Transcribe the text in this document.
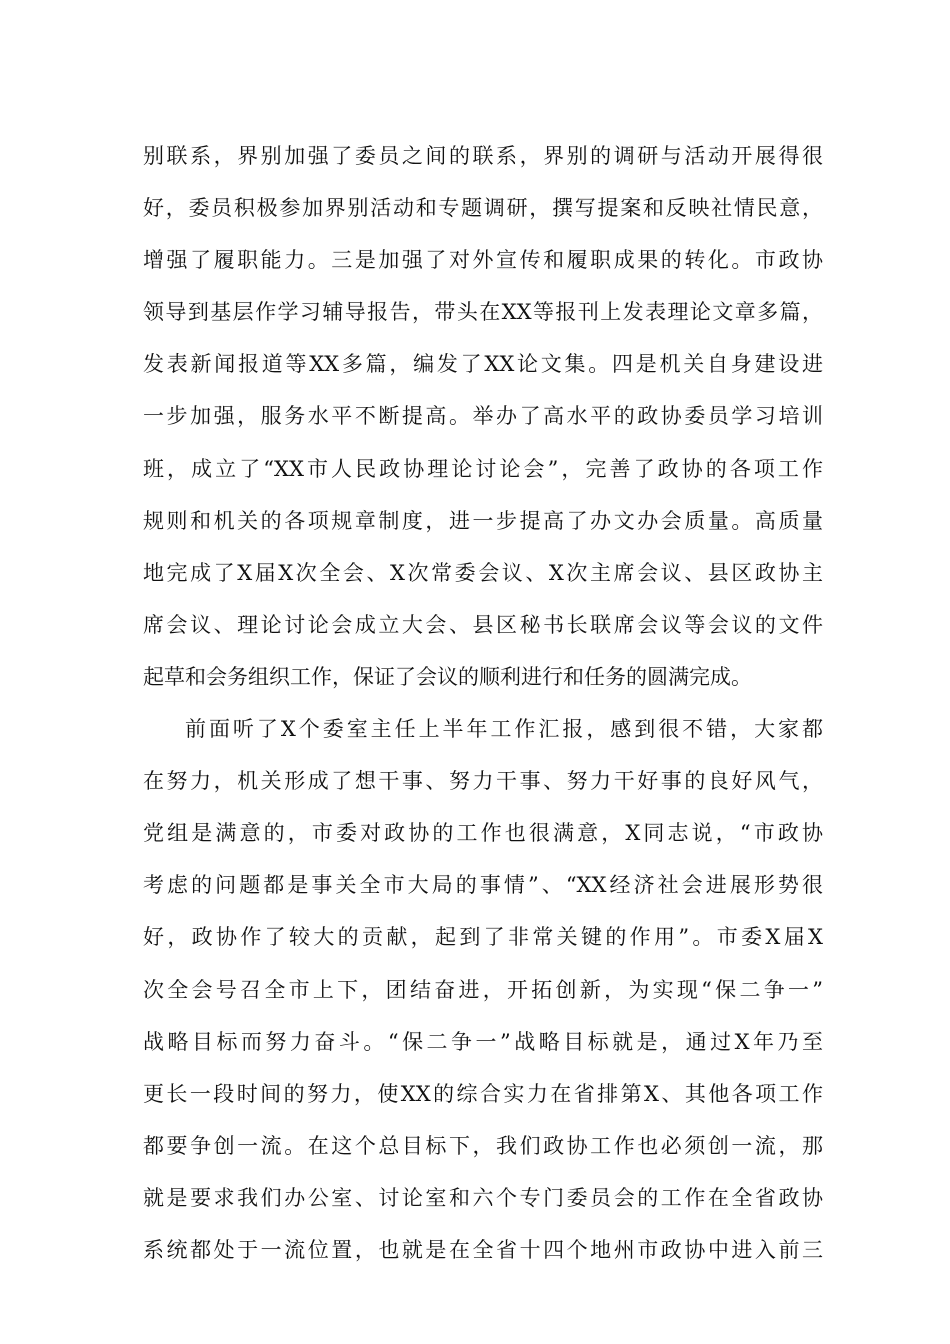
别联系，界别加强了委员之间的联系，界别的调研与活动开展得很
好，委员积极参加界别活动和专题调研，撰写提案和反映社情民意，
增强了履职能力。三是加强了对外宣传和履职成果的转化。市政协
领导到基层作学习辅导报告，带头在XX等报刊上发表理论文章多篇，
发表新闻报道等XX多篇，编发了XX论文集。四是机关自身建设进
一步加强，服务水平不断提高。举办了高水平的政协委员学习培训
班，成立了“XX市人民政协理论讨论会”，完善了政协的各项工作
规则和机关的各项规章制度，进一步提高了办文办会质量。高质量
地完成了X届X次全会、X次常委会议、X次主席会议、县区政协主
席会议、理论讨论会成立大会、县区秘书长联席会议等会议的文件
起草和会务组织工作，保证了会议的顺利进行和任务的圆满完成。
前面听了X个委室主任上半年工作汇报，感到很不错，大家都
在努力，机关形成了想干事、努力干事、努力干好事的良好风气，
党组是满意的，市委对政协的工作也很满意，X同志说，“市政协
考虑的问题都是事关全市大局的事情”、“XX经济社会进展形势很
好，政协作了较大的贡献，起到了非常关键的作用”。市委X届X
次全会号召全市上下，团结奋进，开拓创新，为实现“保二争一”
战略目标而努力奋斗。“保二争一”战略目标就是，通过X年乃至
更长一段时间的努力，使XX的综合实力在省排第X、其他各项工作
都要争创一流。在这个总目标下，我们政协工作也必须创一流，那
就是要求我们办公室、讨论室和六个专门委员会的工作在全省政协
系统都处于一流位置，也就是在全省十四个地州市政协中进入前三
